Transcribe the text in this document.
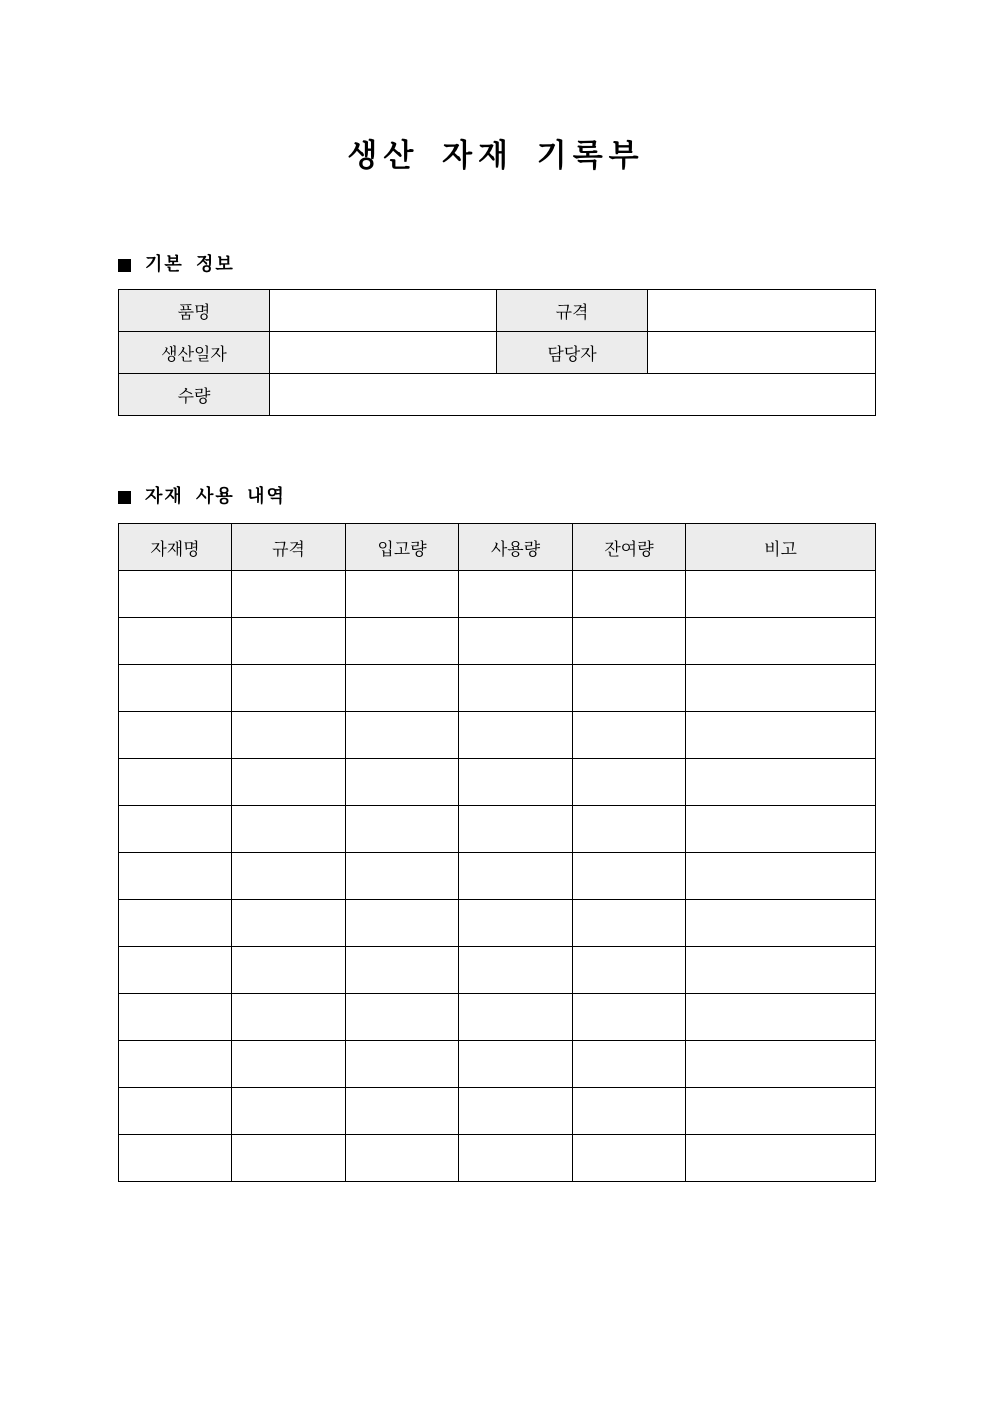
생산 자재 기록부
기본 정보
품명		규격	
생산일자		담당자	
수량			
자재 사용 내역
자재명	규격	입고량	사용량	잔여량	비고
